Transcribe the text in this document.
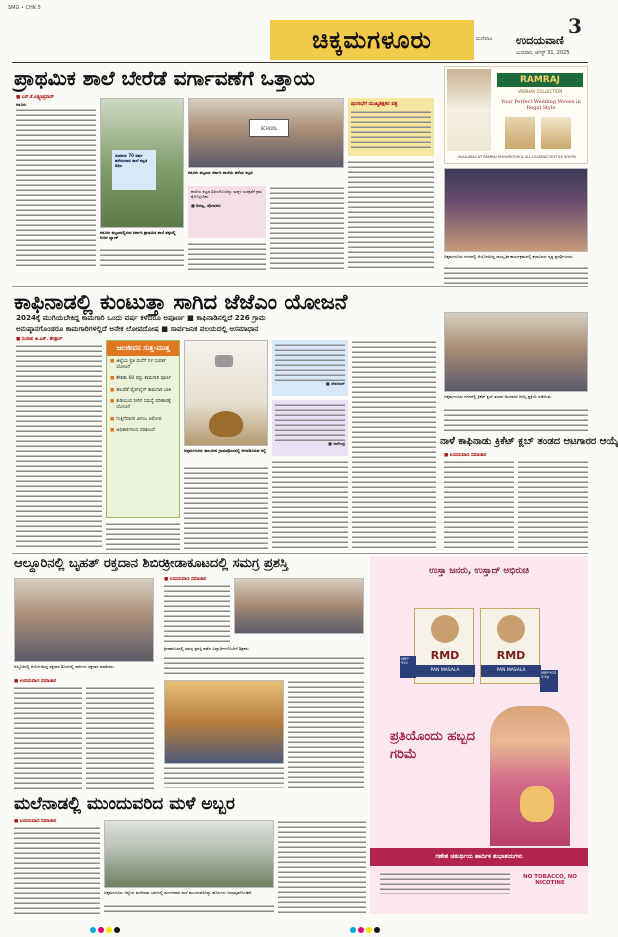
SMG • CHK 5
ಚಿಕ್ಕಮಗಳೂರು	ಮಣಿಪಾಲ
3
ಉದಯವಾಣಿ
ಬುಧವಾರ, ಆಗಸ್ಟ್ 31, 2025
ಪ್ರಾಥಮಿಕ ಶಾಲೆ ಬೇರೆಡೆ ವರ್ಗಾವಣೆಗೆ ಒತ್ತಾಯ
■ ಎಸ್.ಕೆ.ಲಕ್ಷ್ಮಣಪ್ರಸಾದ್
ಕಡೂರು
ಸುಮಾರು 70 ವರ್ಷ ಹಳೆಯದಾದ ಶಾಲೆ ಕಟ್ಟಡ ಶಿಥಿಲ
ಕಡೂರು ಪಟ್ಟಣದಲ್ಲಿರುವ ಸರ್ಕಾರಿ ಪ್ರಾಥಮಿಕ ಶಾಲೆ ಪಕ್ಕದಲ್ಲಿ ನೀರಿನ ಟ್ಯಾಂಕ್
SCHOOL
ಕಡೂರು ಪಟ್ಟಣದ ಸರ್ಕಾರಿ ಶಾಲೆಯ ಹಳೆಯ ಕಟ್ಟಡ
ಶಾಲೆಯ ಕಟ್ಟಡ ಶಿಥಿಲಗೊಂಡಿದ್ದು ಮಕ್ಕಳ ಸುರಕ್ಷತೆಗೆ ಕ್ರಮ ಕೈಗೊಳ್ಳಬೇಕು.
■ ಶಿವಣ್ಣ, ಪೋಷಕರು
ಪುರಸಭೆಗೆ ಮುಖ್ಯಶಿಕ್ಷಕರ ಪತ್ರ
RAMRAJ
VAIBHAV COLLECTION
Your Perfect Wedding Woven in Regal Style
AVAILABLE AT RAMRAJ SHOWROOM & ALL LEADING TEXTILE SHOPS
ಚಿಕ್ಕಮಗಳೂರು ನಗರದಲ್ಲಿ ಆಯೋಜಿಸಿದ್ದ ಸಾಂಸ್ಕೃತಿಕ ಕಾರ್ಯಕ್ರಮದಲ್ಲಿ ಕಲಾವಿದರು ನೃತ್ಯ ಪ್ರದರ್ಶಿಸಿದರು.
ಕಾಫಿನಾಡಲ್ಲಿ ಕುಂಟುತ್ತಾ ಸಾಗಿದ ಜೆಜೆಎಂ ಯೋಜನೆ
2024ಕ್ಕೆ ಮುಗಿಯಬೇಕಿದ್ದ ಕಾಮಗಾರಿ ಒಂದು ವರ್ಷ ಕಳೆದರೂ ಅಪೂರ್ಣ ■ ಕಾಫಿನಾಡಿನಲ್ಲಿದೆ 226 ಗ್ರಾಮ
ಅನುಷ್ಠಾನಗೊಂಡರೂ ಕಾಮಗಾರಿಗಳಲ್ಲಿದೆ ಅನೇಕ ಲೋಪದೋಷ ■ ಸಾರ್ವಜನಿಕ ವಲಯದಲ್ಲಿ ಅಸಮಾಧಾನ
■ ಸಂದೀಪ ಜಿ.ಎನ್. ಶೇಡ್ಗಾರ್
ಜಲಜೀವನ ಸುತ್ತ-ಮುತ್ತ
■ ಜಿಲ್ಲೆಯ ಪ್ರತಿ ಮನೆಗೆ ನಳ ಸಂಪರ್ಕ ಯೋಜನೆ
■ ಶೇಕಡಾ 60 ರಷ್ಟು ಕಾಮಗಾರಿ ಪೂರ್ಣ
■ ಹಲವೆಡೆ ಪೈಪ್‌ಲೈನ್ ಕಾಮಗಾರಿ ಬಾಕಿ
■ ಕುಡಿಯುವ ನೀರಿನ ಸಮಸ್ಯೆ ಪರಿಹಾರಕ್ಕೆ ಯೋಜನೆ
■ ಗುತ್ತಿಗೆದಾರರ ವಿಳಂಬ ಆರೋಪ
■ ಅಧಿಕಾರಿಗಳಿಂದ ಪರಿಶೀಲನೆ
ಚಿಕ್ಕಮಗಳೂರು ತಾಲೂಕಿನ ಗ್ರಾಮವೊಂದರಲ್ಲಿ ಅಳವಡಿಸಿರುವ ನಲ್ಲಿ
■ ದೇವರಾಜ್
■ ನಾಗೇಂದ್ರ
ಚಿಕ್ಕಮಗಳೂರು ನಗರದಲ್ಲಿ ಕ್ರಿಕೆಟ್ ಕ್ಲಬ್ ತಂಡದ ಆಟಗಾರರ ಆಯ್ಕೆ ಪ್ರಕ್ರಿಯೆ ನಡೆಯಿತು.
ನಾಳೆ ಕಾಫಿನಾಡು ಕ್ರಿಕೆಟ್ ಕ್ಲಬ್ ತಂಡದ ಆಟಗಾರರ ಆಯ್ಕೆ
■ ಉದಯವಾಣಿ ಸಮಾಚಾರ
ಆಲ್ದೂರಿನಲ್ಲಿ ಬೃಹತ್ ರಕ್ತದಾನ ಶಿಬಿರ
ಆಲ್ದೂರಿನಲ್ಲಿ ಆಯೋಜಿಸಿದ್ದ ರಕ್ತದಾನ ಶಿಬಿರದಲ್ಲಿ ದಾನಿಗಳು ರಕ್ತದಾನ ಮಾಡಿದರು.
■ ಉದಯವಾಣಿ ಸಮಾಚಾರ
ಕ್ರೀಡಾಕೂಟದಲ್ಲಿ ಸಮಗ್ರ ಪ್ರಶಸ್ತಿ
■ ಉದಯವಾಣಿ ಸಮಾಚಾರ
ಕ್ರೀಡಾಕೂಟದಲ್ಲಿ ಸಮಗ್ರ ಪ್ರಶಸ್ತಿ ಪಡೆದ ವಿದ್ಯಾರ್ಥಿಗಳೊಂದಿಗೆ ಶಿಕ್ಷಕರು.
ಉಸ್ತಾ ಜನರು, ಉಸ್ತಾದ್ ಅಭಿರುಚಿ
RMD
PAN MASALA
MRP ₹10
RMD
PAN MASALA	MRP ₹15 3.5g
ಪ್ರತಿಯೊಂದು ಹಬ್ಬದ ಗರಿಮೆ
ಗಣೇಶ ಚತುರ್ಥಿಯ ಹಾರ್ದಿಕ ಶುಭಾಶಯಗಳು
NO TOBACCO, NO NICOTINE
ಮಲೆನಾಡಲ್ಲಿ ಮುಂದುವರಿದ ಮಳೆ ಅಬ್ಬರ
■ ಉದಯವಾಣಿ ಸಮಾಚಾರ
ಚಿಕ್ಕಮಗಳೂರು ಜಿಲ್ಲೆಯ ಮಲೆನಾಡು ಭಾಗದಲ್ಲಿ ಮಂಗಳವಾರ ಮಳೆ ಮುಂದುವರಿದಿದ್ದು ಹೊಲಗಳು ಜಲಾವೃತಗೊಂಡಿವೆ.
